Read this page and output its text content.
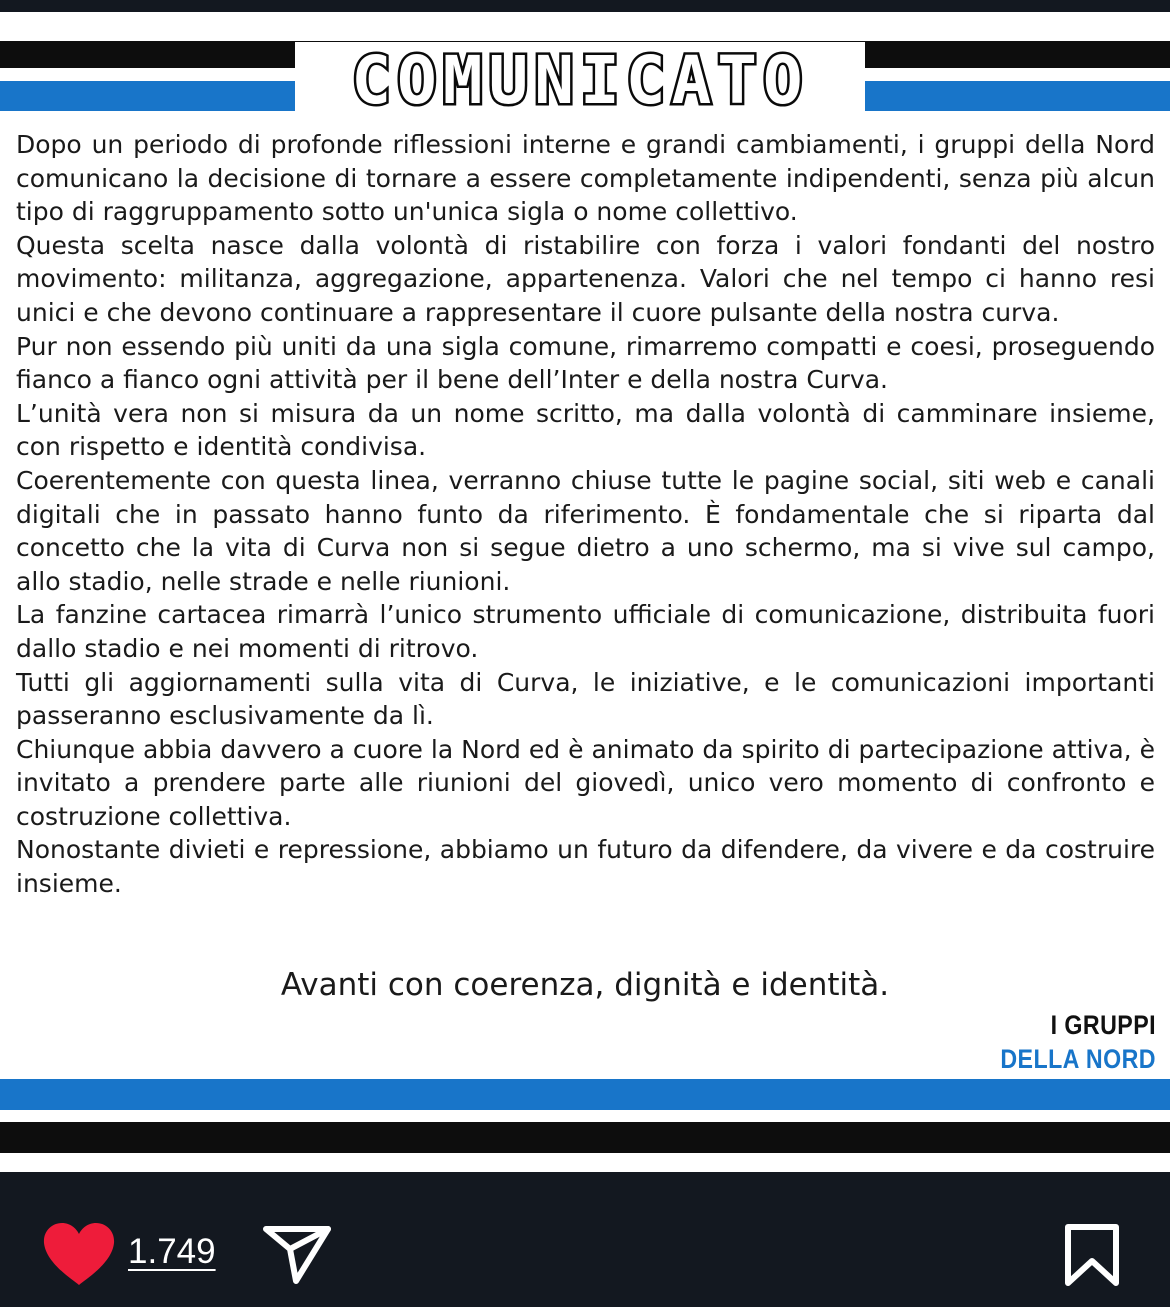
COMUNICATO

Dopo un periodo di profonde riflessioni interne e grandi cambiamenti, i gruppi della Nord comunicano la decisione di tornare a essere completamente indipendenti, senza più alcun tipo di raggruppamento sotto un'unica sigla o nome collettivo.

Questa scelta nasce dalla volontà di ristabilire con forza i valori fondanti del nostro movimento: militanza, aggregazione, appartenenza. Valori che nel tempo ci hanno resi unici e che devono continuare a rappresentare il cuore pulsante della nostra curva.

Pur non essendo più uniti da una sigla comune, rimarremo compatti e coesi, proseguendo fianco a fianco ogni attività per il bene dell’Inter e della nostra Curva.

L’unità vera non si misura da un nome scritto, ma dalla volontà di camminare insieme, con rispetto e identità condivisa.

Coerentemente con questa linea, verranno chiuse tutte le pagine social, siti web e canali digitali che in passato hanno funto da riferimento. È fondamentale che si riparta dal concetto che la vita di Curva non si segue dietro a uno schermo, ma si vive sul campo, allo stadio, nelle strade e nelle riunioni.

La fanzine cartacea rimarrà l’unico strumento ufficiale di comunicazione, distribuita fuori dallo stadio e nei momenti di ritrovo.

Tutti gli aggiornamenti sulla vita di Curva, le iniziative, e le comunicazioni importanti passeranno esclusivamente da lì.

Chiunque abbia davvero a cuore la Nord ed è animato da spirito di partecipazione attiva, è invitato a prendere parte alle riunioni del giovedì, unico vero momento di confronto e costruzione collettiva.

Nonostante divieti e repressione, abbiamo un futuro da difendere, da vivere e da costruire insieme.

Avanti con coerenza, dignità e identità.
I GRUPPI
DELLA NORD
1.749
